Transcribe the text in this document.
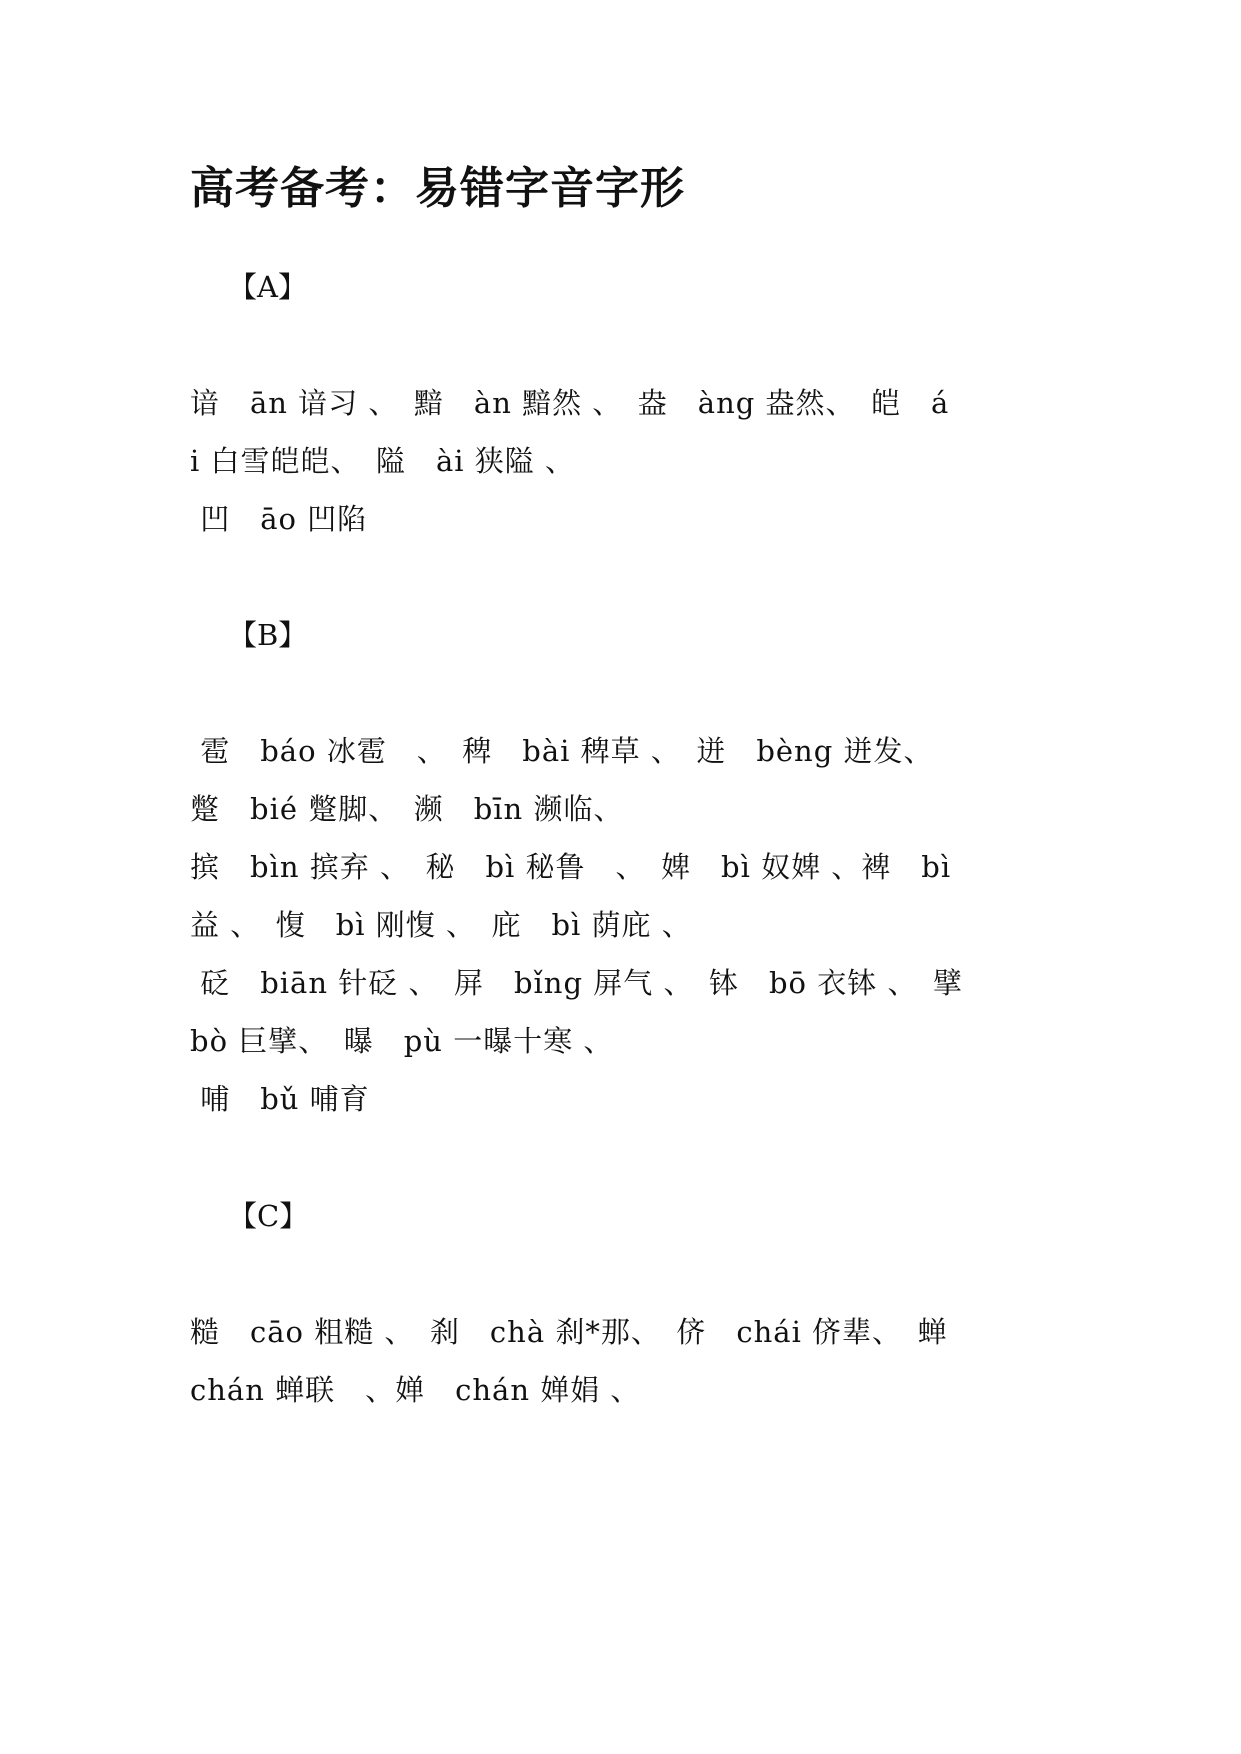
高考备考：易错字音字形
【A】
谙　ān 谙习 、　黯　àn 黯然 、　盎　àng 盎然、　皑　á
i 白雪皑皑、　隘　ài 狭隘 、
凹　āo 凹陷
【B】
雹　báo 冰雹　、　稗　bài 稗草 、　迸　bèng 迸发、
蹩　bié 蹩脚、　濒　bīn 濒临、
摈　bìn 摈弃 、　秘　bì 秘鲁　、　婢　bì 奴婢 、裨　bì
益 、　愎　bì 刚愎 、　庇　bì 荫庇 、
砭　biān 针砭 、　屏　bǐng 屏气 、　钵　bō 衣钵 、　擘
bò 巨擘、　曝　pù 一曝十寒 、
哺　bǔ 哺育
【C】
糙　cāo 粗糙 、　刹　chà 刹*那、　侪　chái 侪辈、　蝉
chán 蝉联　、婵　chán 婵娟 、
